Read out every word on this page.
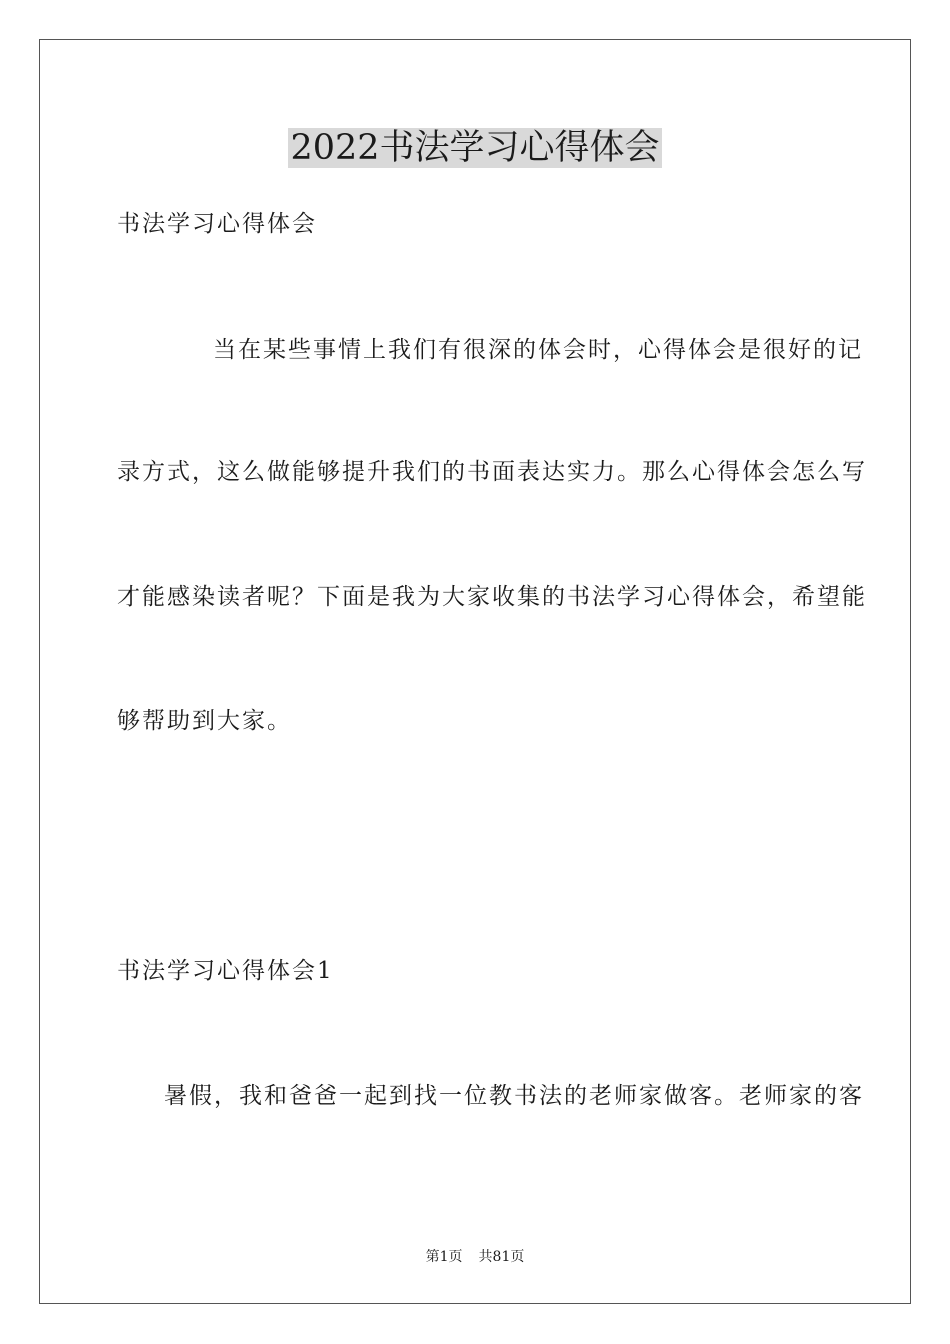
2022书法学习心得体会
书法学习心得体会
当在某些事情上我们有很深的体会时，心得体会是很好的记
录方式，这么做能够提升我们的书面表达实力。那么心得体会怎么写
才能感染读者呢？下面是我为大家收集的书法学习心得体会，希望能
够帮助到大家。
书法学习心得体会1
暑假，我和爸爸一起到找一位教书法的老师家做客。老师家的客
第1页 共81页
